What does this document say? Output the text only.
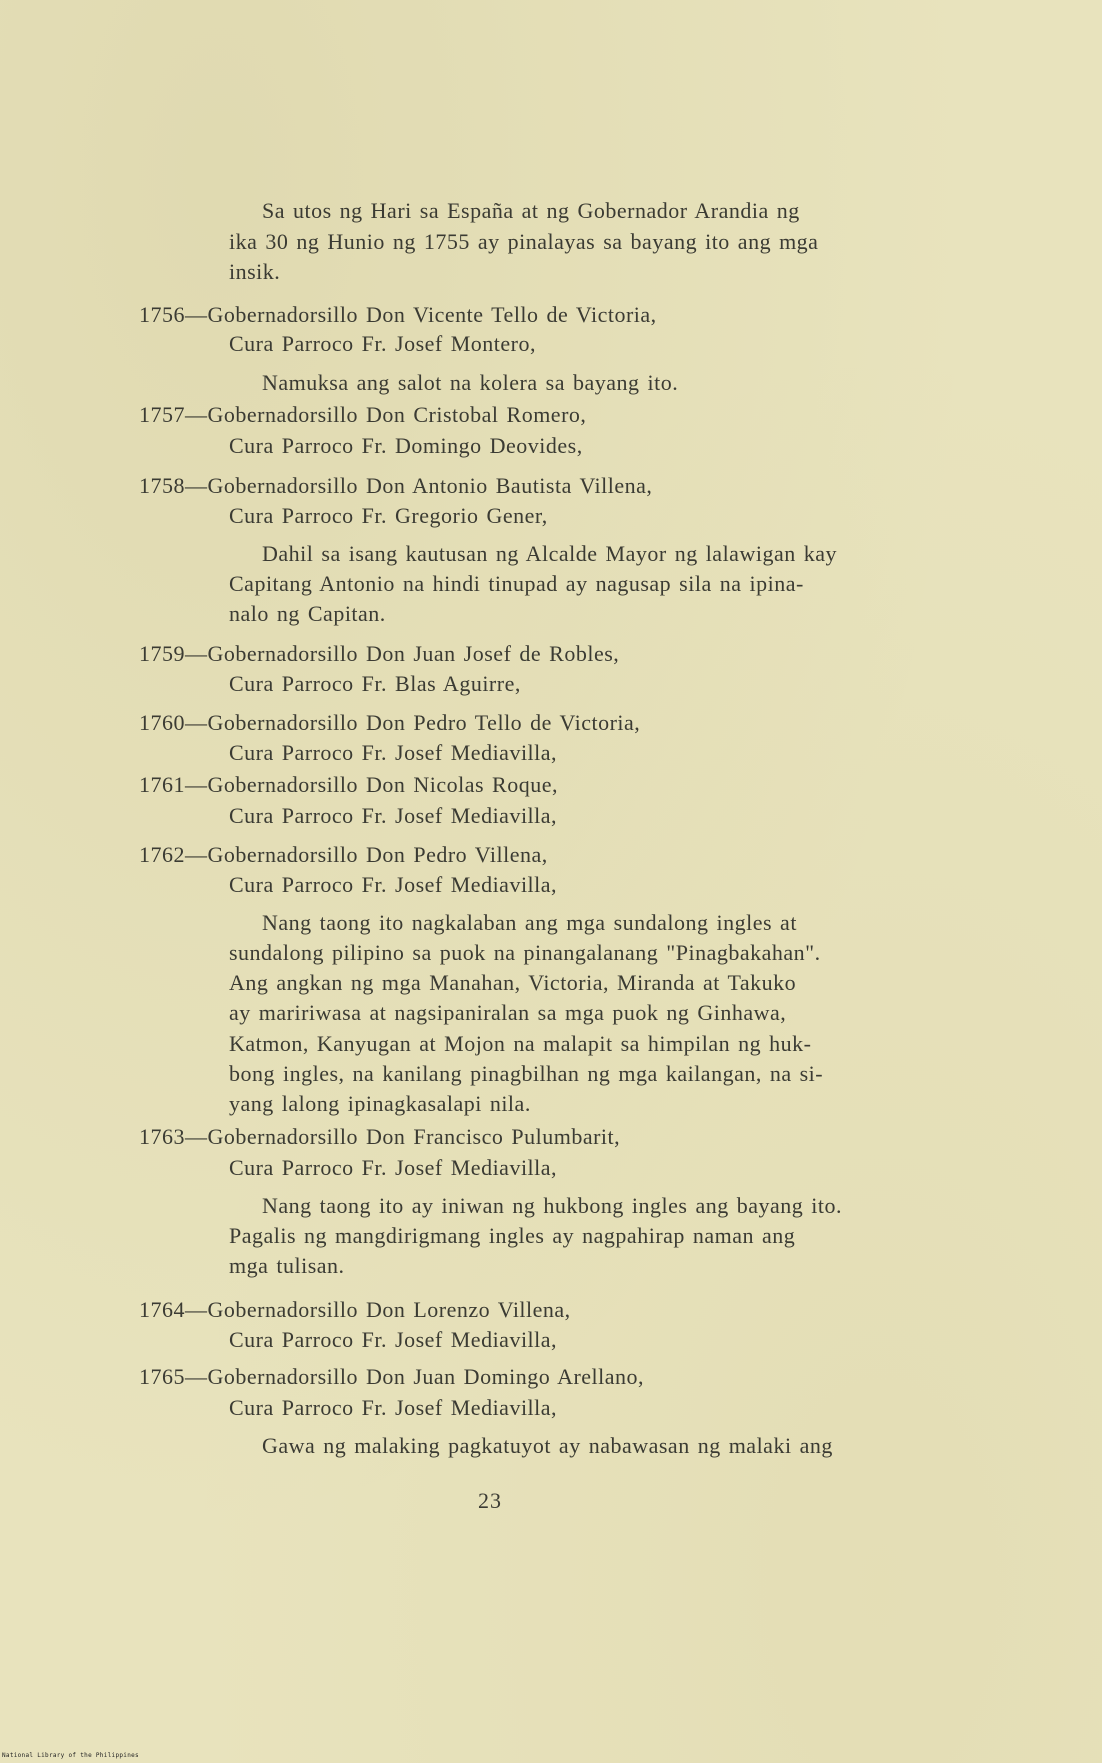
Sa utos ng Hari sa España at ng Gobernador Arandia ng
ika 30 ng Hunio ng 1755 ay pinalayas sa bayang ito ang mga
insik.
1756—Gobernadorsillo Don Vicente Tello de Victoria,
Cura Parroco Fr. Josef Montero,
Namuksa ang salot na kolera sa bayang ito.
1757—Gobernadorsillo Don Cristobal Romero,
Cura Parroco Fr. Domingo Deovides,
1758—Gobernadorsillo Don Antonio Bautista Villena,
Cura Parroco Fr. Gregorio Gener,
Dahil sa isang kautusan ng Alcalde Mayor ng lalawigan kay
Capitang Antonio na hindi tinupad ay nagusap sila na ipina-
nalo ng Capitan.
1759—Gobernadorsillo Don Juan Josef de Robles,
Cura Parroco Fr. Blas Aguirre,
1760—Gobernadorsillo Don Pedro Tello de Victoria,
Cura Parroco Fr. Josef Mediavilla,
1761—Gobernadorsillo Don Nicolas Roque,
Cura Parroco Fr. Josef Mediavilla,
1762—Gobernadorsillo Don Pedro Villena,
Cura Parroco Fr. Josef Mediavilla,
Nang taong ito nagkalaban ang mga sundalong ingles at
sundalong pilipino sa puok na pinangalanang "Pinagbakahan".
Ang angkan ng mga Manahan, Victoria, Miranda at Takuko
ay maririwasa at nagsipaniralan sa mga puok ng Ginhawa,
Katmon, Kanyugan at Mojon na malapit sa himpilan ng huk-
bong ingles, na kanilang pinagbilhan ng mga kailangan, na si-
yang lalong ipinagkasalapi nila.
1763—Gobernadorsillo Don Francisco Pulumbarit,
Cura Parroco Fr. Josef Mediavilla,
Nang taong ito ay iniwan ng hukbong ingles ang bayang ito.
Pagalis ng mangdirigmang ingles ay nagpahirap naman ang
mga tulisan.
1764—Gobernadorsillo Don Lorenzo Villena,
Cura Parroco Fr. Josef Mediavilla,
1765—Gobernadorsillo Don Juan Domingo Arellano,
Cura Parroco Fr. Josef Mediavilla,
Gawa ng malaking pagkatuyot ay nabawasan ng malaki ang
23
National Library of the Philippines
